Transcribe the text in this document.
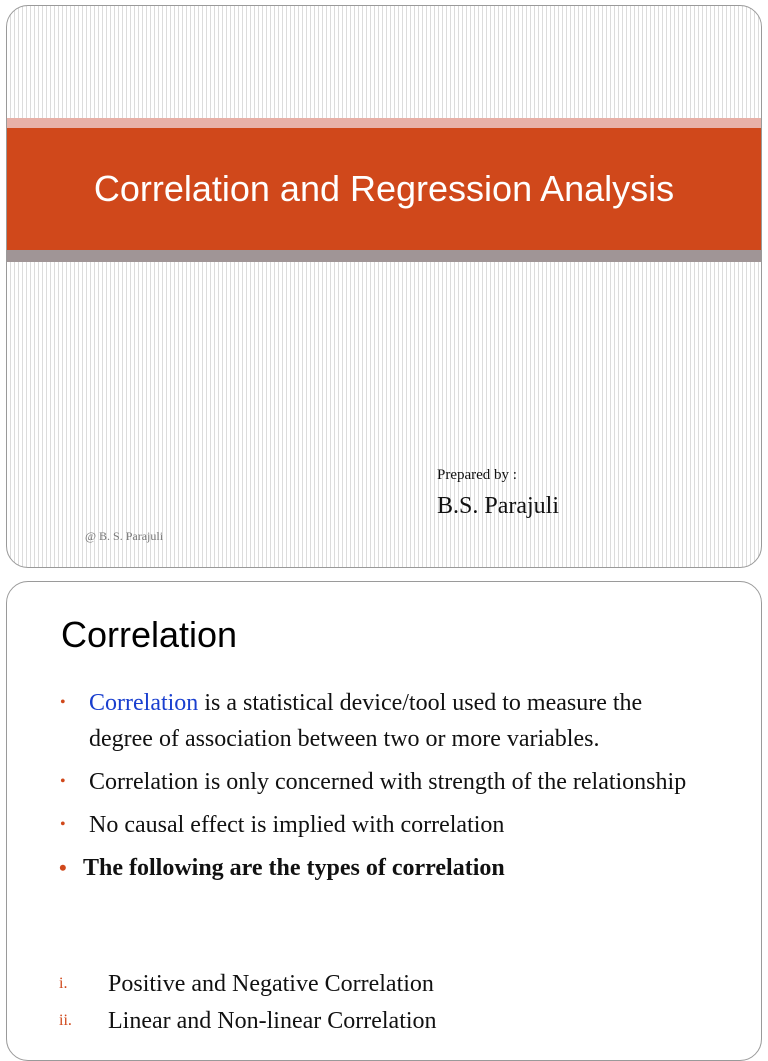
Correlation and Regression Analysis
Prepared by :
B.S. Parajuli
@ B. S. Parajuli
Correlation
• Correlation is a statistical device/tool used to measure the degree of association between two or more variables.
• Correlation is only concerned with strength of the relationship
• No causal effect is implied with correlation
• The following are the types of correlation
i. Positive and Negative Correlation
ii. Linear and Non-linear Correlation
